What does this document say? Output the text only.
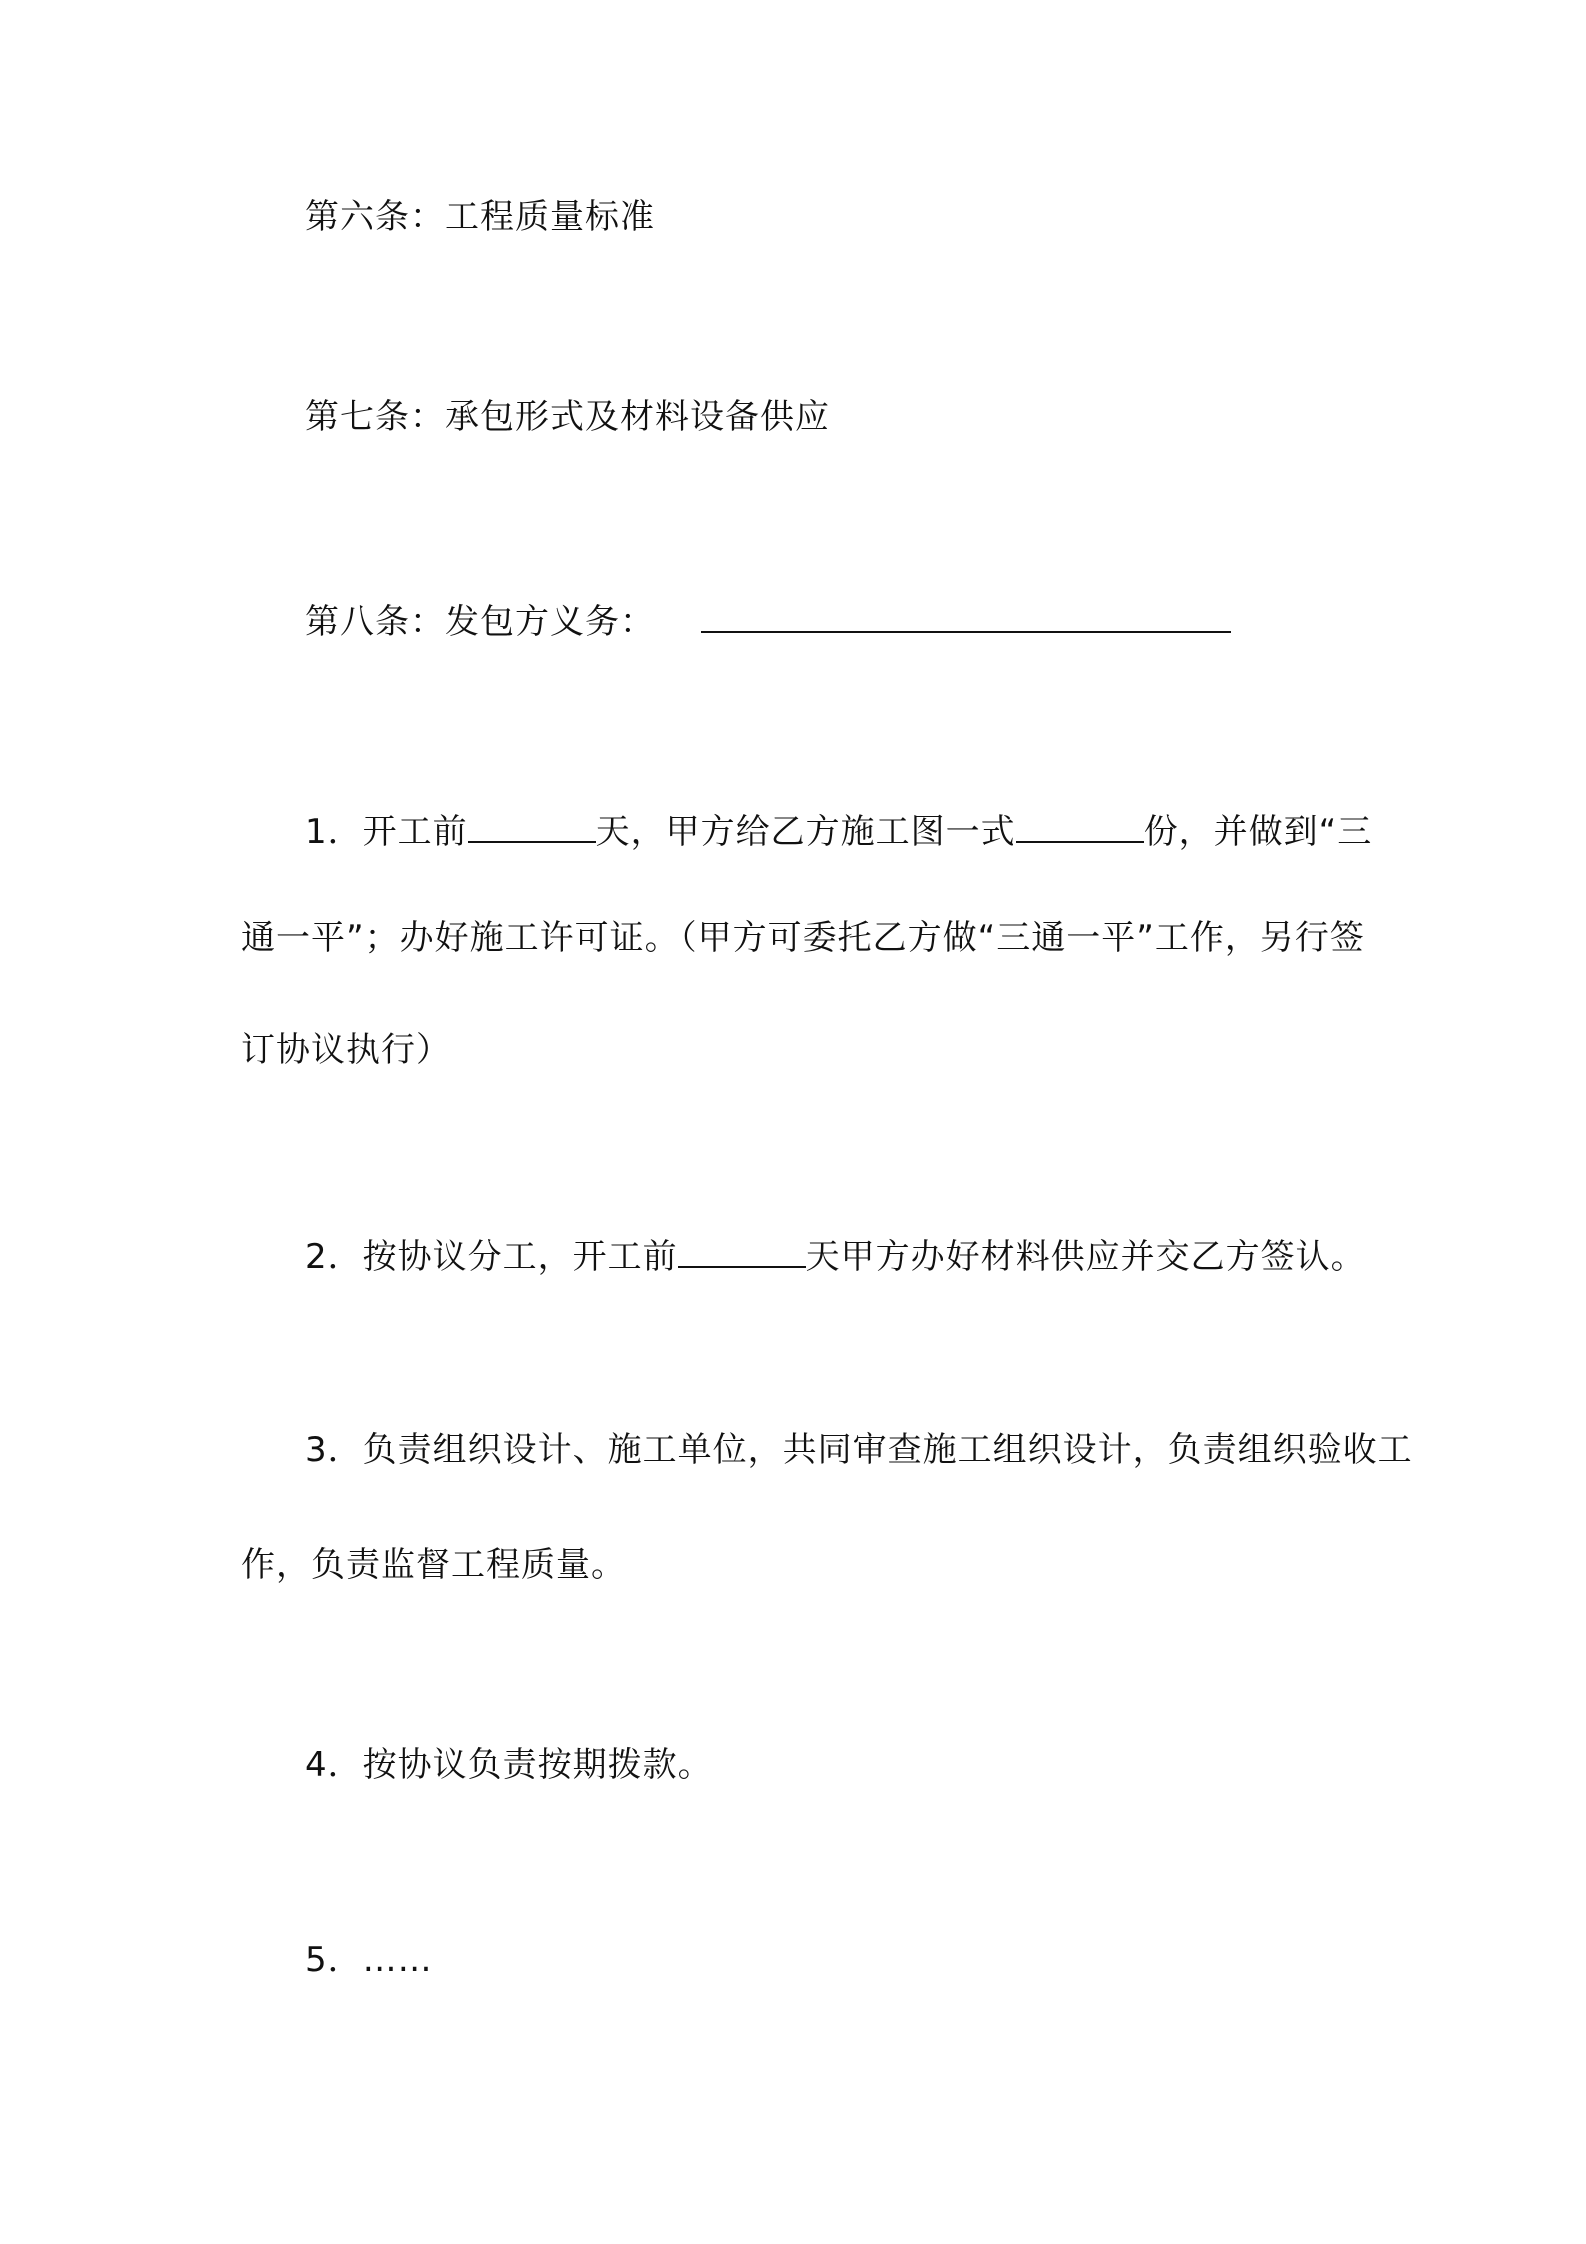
第六条：工程质量标准
第七条：承包形式及材料设备供应
第八条：发包方义务：
1．开工前	天，甲方给乙方施工图一式	份，并做到“三
通一平”；办好施工许可证。（甲方可委托乙方做“三通一平”工作，另行签
订协议执行）
2．按协议分工，开工前	天甲方办好材料供应并交乙方签认。
3．负责组织设计、施工单位，共同审查施工组织设计，负责组织验收工
作，负责监督工程质量。
4．按协议负责按期拨款。
5．……
